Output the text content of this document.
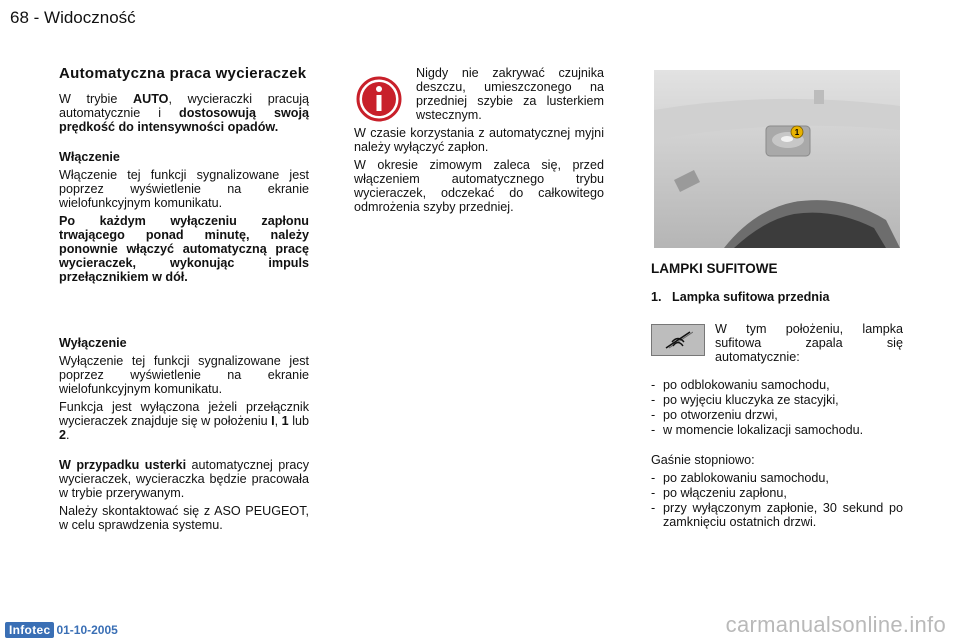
68 - Widoczność
Automatyczna praca wycieraczek

W trybie AUTO, wycieraczki pracują automatycznie i dostosowują swoją prędkość do intensywności opadów.

Włączenie

Włączenie tej funkcji sygnalizowane jest poprzez wyświetlenie na ekranie wielofunkcyjnym komunikatu.

Po każdym wyłączeniu zapłonu trwającego ponad minutę, należy ponownie włączyć automatyczną pracę wycieraczek, wykonując impuls przełącznikiem w dół.

Wyłączenie

Wyłączenie tej funkcji sygnalizowane jest poprzez wyświetlenie na ekranie wielofunkcyjnym komunikatu.

Funkcja jest wyłączona jeżeli przełącznik wycieraczek znajduje się w położeniu I, 1 lub 2.

W przypadku usterki automatycznej pracy wycieraczek, wycieraczka będzie pracowała w trybie przerywanym.

Należy skontaktować się z ASO PEUGEOT, w celu sprawdzenia systemu.

Nigdy nie zakrywać czujnika deszczu, umieszczonego na przedniej szybie za lusterkiem wstecznym.

W czasie korzystania z automatycznej myjni należy wyłączyć zapłon.

W okresie zimowym zaleca się, przed włączeniem automatycznego trybu wycieraczek, odczekać do całkowitego odmrożenia szyby przedniej.

1
LAMPKI SUFITOWE
1. Lampka sufitowa przednia
W tym położeniu, lampka sufitowa zapala się automatycznie:
- po odblokowaniu samochodu,
- po wyjęciu kluczyka ze stacyjki,
- po otworzeniu drzwi,
- w momencie lokalizacji samochodu.

Gaśnie stopniowo:

- po zablokowaniu samochodu,
- po włączeniu zapłonu,
- przy wyłączonym zapłonie, 30 sekund po zamknięciu ostatnich drzwi.
Infotec 01-10-2005	carmanualsonline.info
